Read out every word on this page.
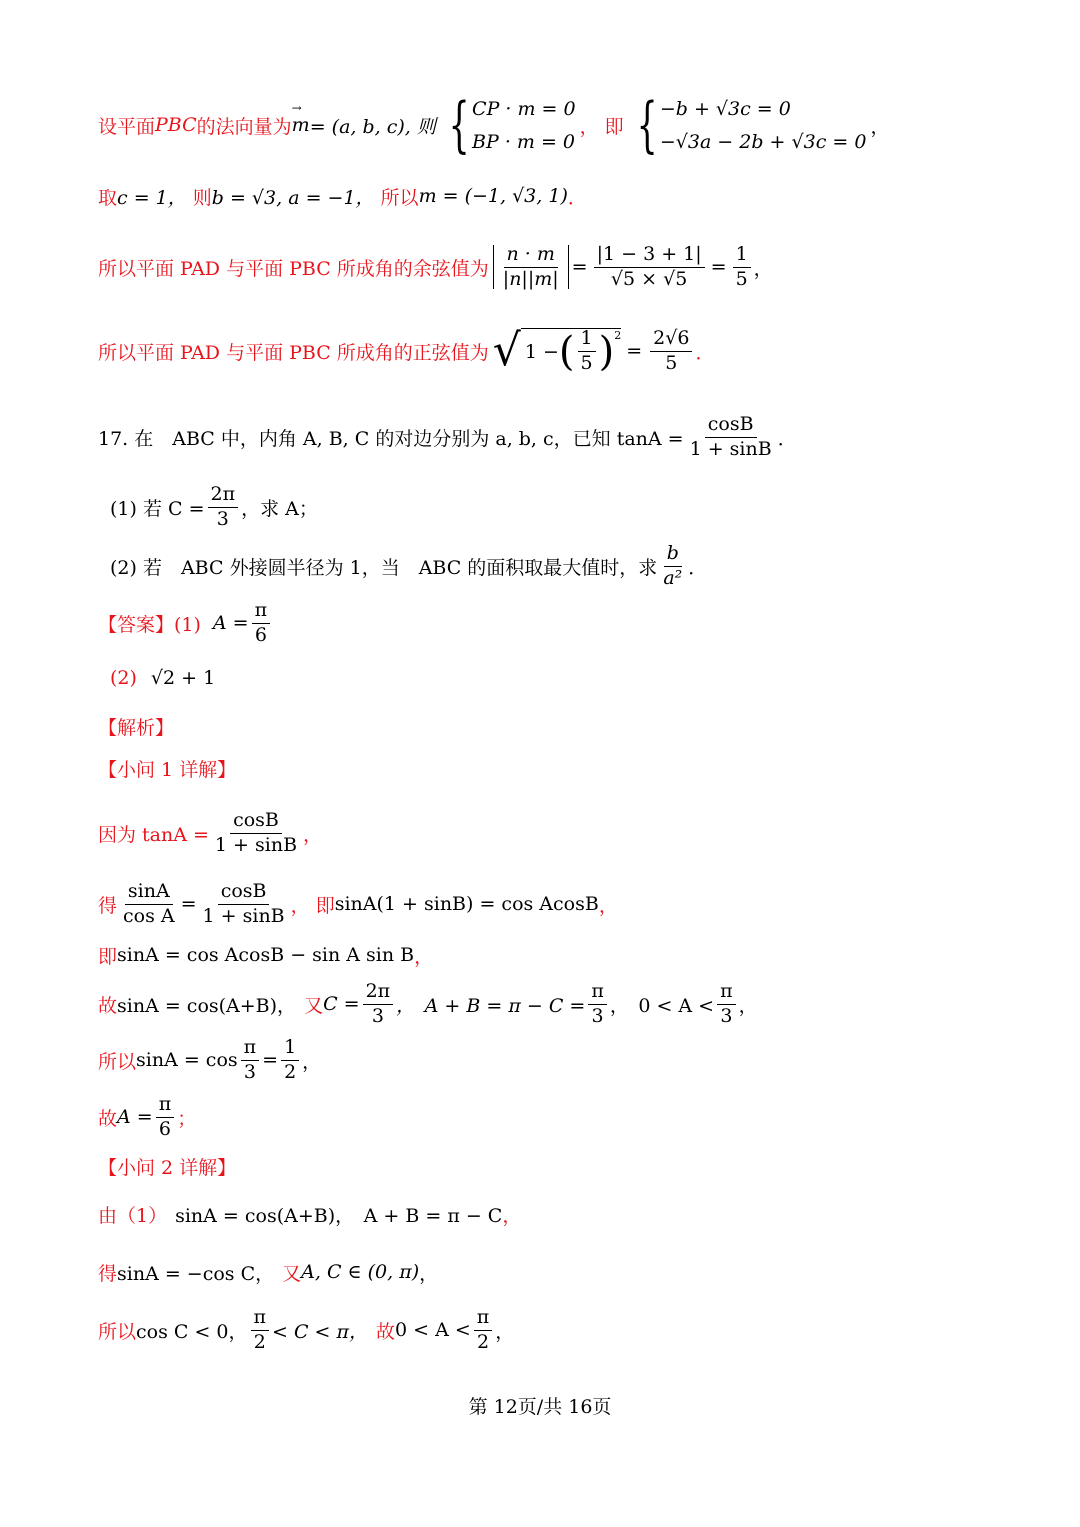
设平面 PBC 的法向量为
→ m = (a, b, c), 则 { CP · m = 0
BP · m = 0
， 即 { −b + √3c = 0
−√3a − 2b + √3c = 0
，
取 c = 1， 则 b = √3, a = −1， 所以 m = (−1, √3, 1) ．
所以平面 PAD 与平面 PBC 所成角的余弦值为 $\frac{n \cdot m}{|n||m|} = \frac{|1 - 3 + 1|}{√5 \times √5} = \frac{1}{5}$ ，
所以平面 PAD 与平面 PBC 所成角的正弦值为 √ 1 − ( $\frac{1}{5} )^2$
= $\frac{2√6}{5}$ ．
17. 在　ABC 中，内角 A, B, C 的对边分别为 a, b, c，已知 $\tan A = \frac{\cos B}{1 + \sin B}$ ．
(1) 若 $C = \frac{2\pi}{3}$ ，求 A；
(2) 若　ABC 外接圆半径为 1，当　ABC 的面积取最大值时，求 $\frac{b}{\text{a²}}$ ．
【答案】(1) $A = \frac{\pi}{6}$
(2) √2 + 1
【解析】
【小问 1 详解】
因为 $\tan A = \frac{\cos B}{1 + \sin B}$ ，
得 $\frac{\sin A}{\text{cos A}} = \frac{\cos B}{1 + \sin B}$ ， 即 sinA(1 + sinB) = cos AcosB ，
即 sinA = cos AcosB − sin A sin B ，
故 sinA = cos(A+B)， 又 $C = \frac{2\pi}{3}$ ，　$A + B = \pi - C = \frac{\pi}{3}$ ，　$0 < A < \frac{\pi}{3}$ ，
所以 $\sin A = \cos \frac{\pi}{3} = \frac{1}{2}$ ，
故 $A = \frac{\pi}{6}$ ；
【小问 2 详解】
由（1） sinA = cos(A+B)，　A + B = π − C ，
得 sinA = −cos C， 又 A, C ∈ (0, π) ，
所以 cos C < 0， $\frac{\pi}{2} < C < \pi$， 故 $0 < A < \frac{\pi}{2}$ ，
第 12页/共 16页
